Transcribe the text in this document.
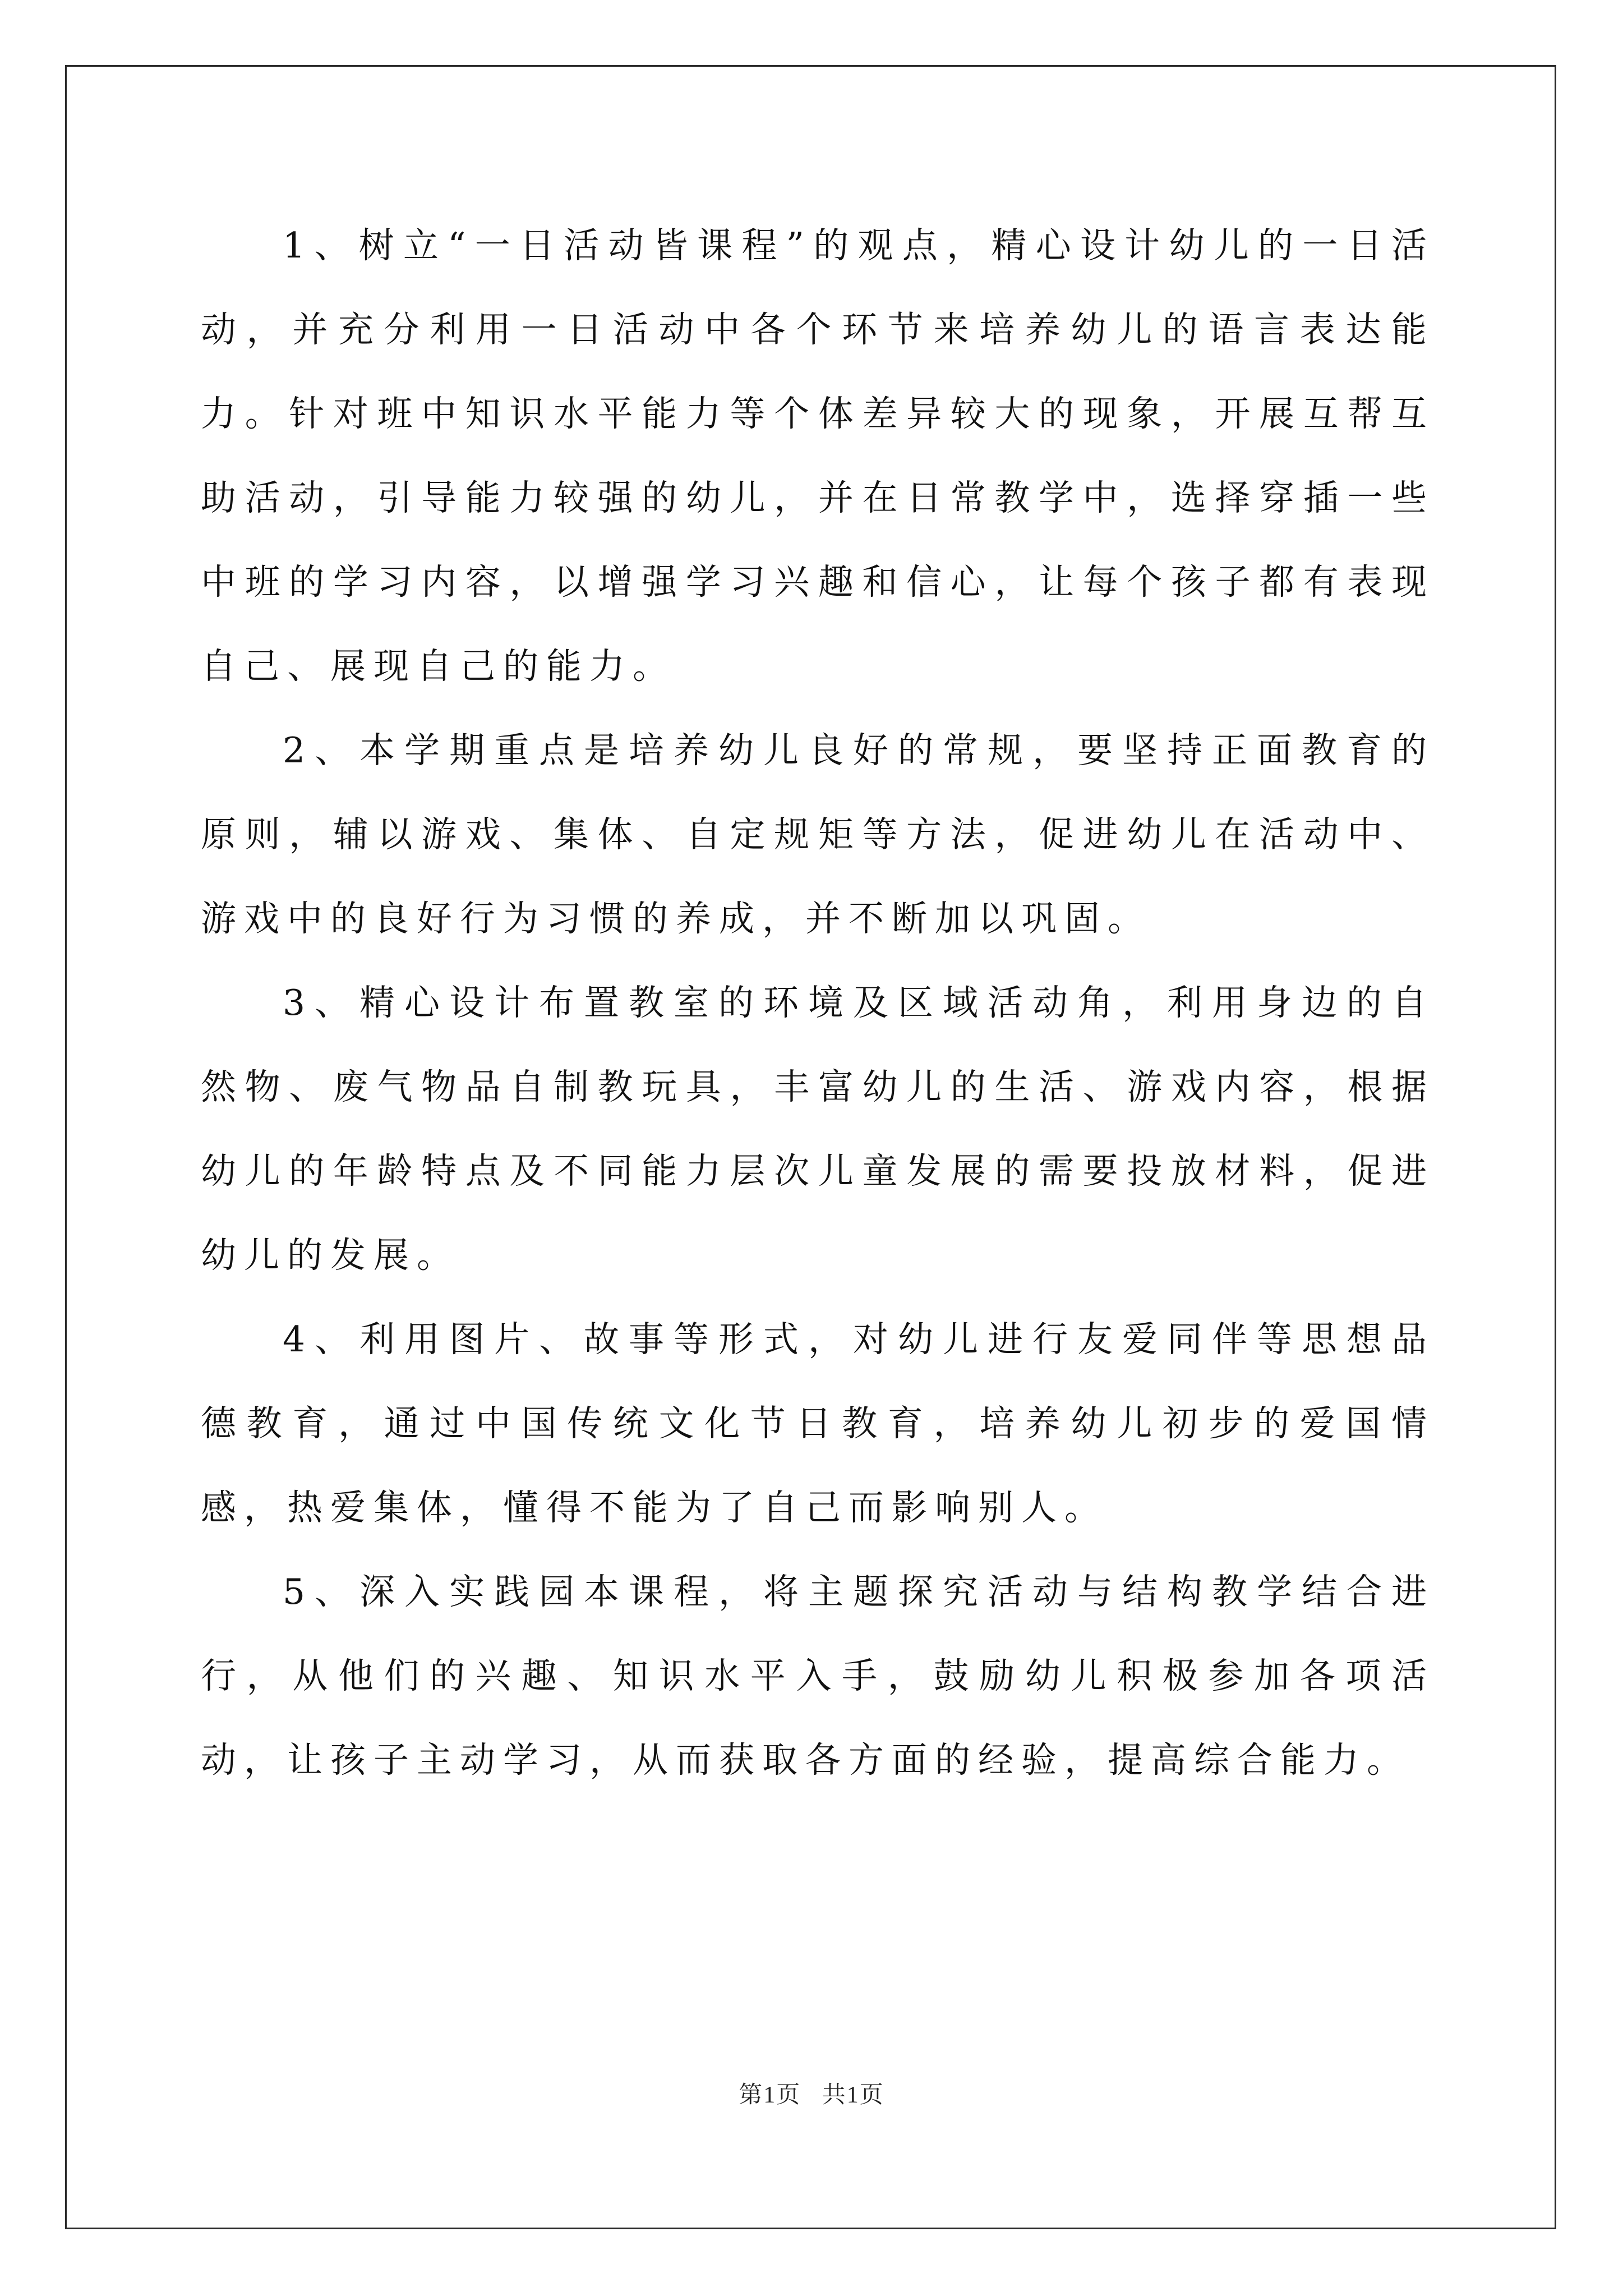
1、树立“一日活动皆课程”的观点，精心设计幼儿的一日活动，并充分利用一日活动中各个环节来培养幼儿的语言表达能力。针对班中知识水平能力等个体差异较大的现象，开展互帮互助活动，引导能力较强的幼儿，并在日常教学中，选择穿插一些中班的学习内容，以增强学习兴趣和信心，让每个孩子都有表现自己、展现自己的能力。

2、本学期重点是培养幼儿良好的常规，要坚持正面教育的原则，辅以游戏、集体、自定规矩等方法，促进幼儿在活动中、游戏中的良好行为习惯的养成，并不断加以巩固。

3、精心设计布置教室的环境及区域活动角，利用身边的自然物、废气物品自制教玩具，丰富幼儿的生活、游戏内容，根据幼儿的年龄特点及不同能力层次儿童发展的需要投放材料，促进幼儿的发展。

4、利用图片、故事等形式，对幼儿进行友爱同伴等思想品德教育，通过中国传统文化节日教育，培养幼儿初步的爱国情感，热爱集体，懂得不能为了自己而影响别人。

5、深入实践园本课程，将主题探究活动与结构教学结合进行，从他们的兴趣、知识水平入手，鼓励幼儿积极参加各项活动，让孩子主动学习，从而获取各方面的经验，提高综合能力。

第1页 共1页
